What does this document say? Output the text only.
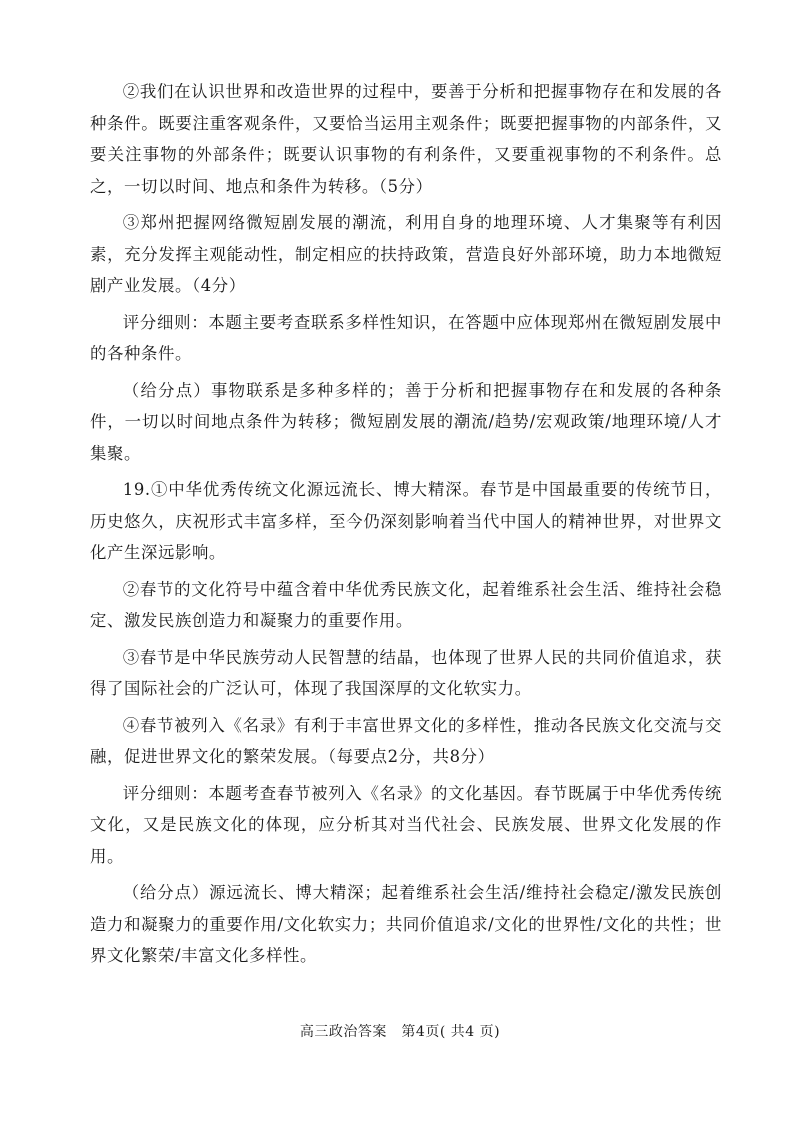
②我们在认识世界和改造世界的过程中，要善于分析和把握事物存在和发展的各种条件。既要注重客观条件，又要恰当运用主观条件；既要把握事物的内部条件，又要关注事物的外部条件；既要认识事物的有利条件，又要重视事物的不利条件。总之，一切以时间、地点和条件为转移。（5分）

③郑州把握网络微短剧发展的潮流，利用自身的地理环境、人才集聚等有利因素，充分发挥主观能动性，制定相应的扶持政策，营造良好外部环境，助力本地微短剧产业发展。（4分）

评分细则：本题主要考查联系多样性知识，在答题中应体现郑州在微短剧发展中的各种条件。

（给分点）事物联系是多种多样的；善于分析和把握事物存在和发展的各种条件，一切以时间地点条件为转移；微短剧发展的潮流/趋势/宏观政策/地理环境/人才集聚。

19.①中华优秀传统文化源远流长、博大精深。春节是中国最重要的传统节日，历史悠久，庆祝形式丰富多样，至今仍深刻影响着当代中国人的精神世界，对世界文化产生深远影响。

②春节的文化符号中蕴含着中华优秀民族文化，起着维系社会生活、维持社会稳定、激发民族创造力和凝聚力的重要作用。

③春节是中华民族劳动人民智慧的结晶，也体现了世界人民的共同价值追求，获得了国际社会的广泛认可，体现了我国深厚的文化软实力。

④春节被列入《名录》有利于丰富世界文化的多样性，推动各民族文化交流与交融，促进世界文化的繁荣发展。（每要点2分，共8分）

评分细则：本题考查春节被列入《名录》的文化基因。春节既属于中华优秀传统文化，又是民族文化的体现，应分析其对当代社会、民族发展、世界文化发展的作用。

（给分点）源远流长、博大精深；起着维系社会生活/维持社会稳定/激发民族创造力和凝聚力的重要作用/文化软实力；共同价值追求/文化的世界性/文化的共性；世界文化繁荣/丰富文化多样性。

高三政治答案　第4页( 共4 页)
